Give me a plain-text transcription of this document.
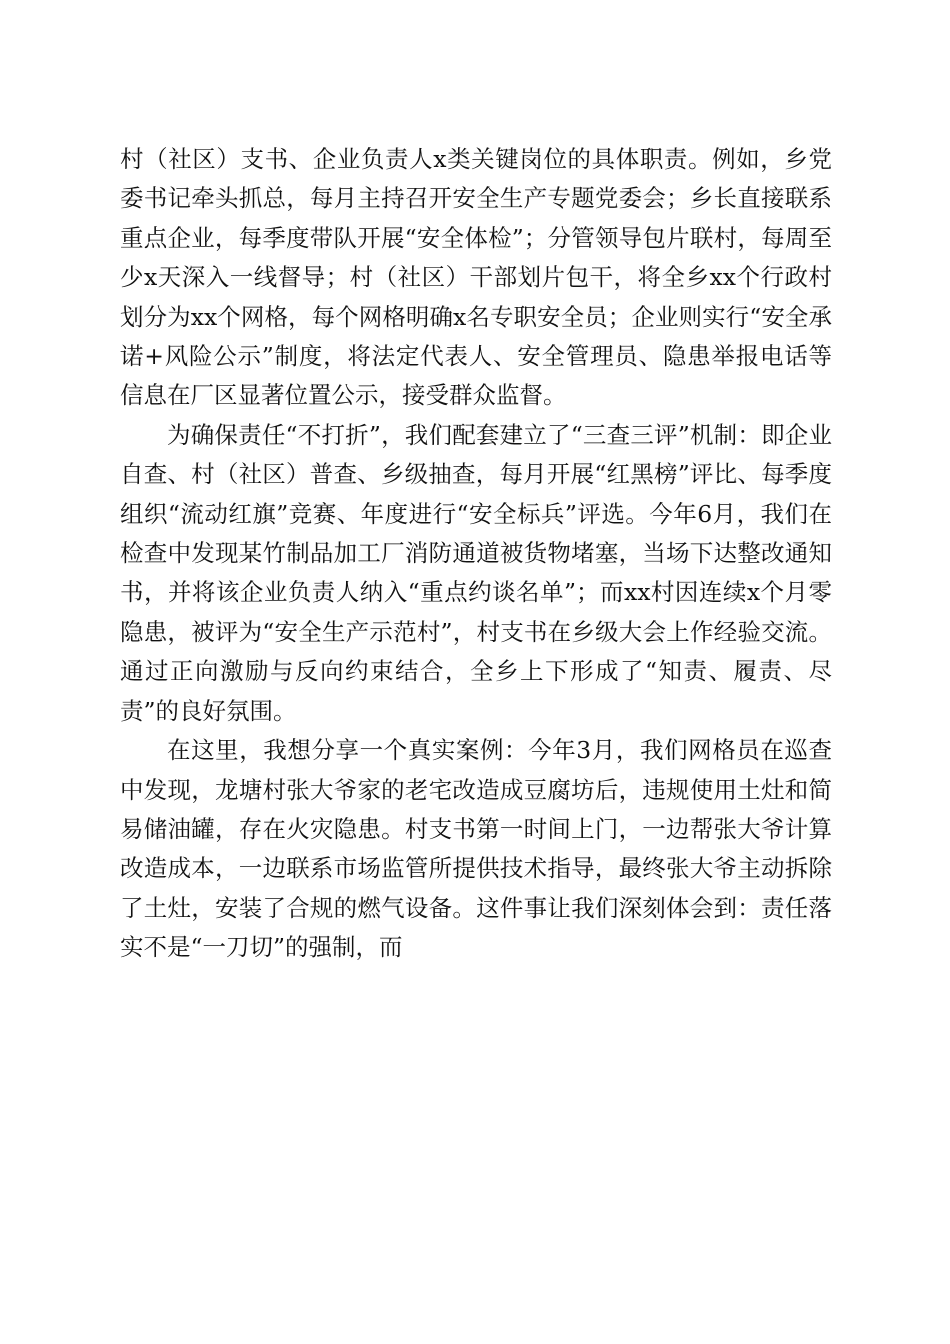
村（社区）支书、企业负责人x类关键岗位的具体职责。例如，乡党委书记牵头抓总，每月主持召开安全生产专题党委会；乡长直接联系重点企业，每季度带队开展“安全体检”；分管领导包片联村，每周至少x天深入一线督导；村（社区）干部划片包干，将全乡xx个行政村划分为xx个网格，每个网格明确x名专职安全员；企业则实行“安全承诺+风险公示”制度，将法定代表人、安全管理员、隐患举报电话等信息在厂区显著位置公示，接受群众监督。

为确保责任“不打折”，我们配套建立了“三查三评”机制：即企业自查、村（社区）普查、乡级抽查，每月开展“红黑榜”评比、每季度组织“流动红旗”竞赛、年度进行“安全标兵”评选。今年6月，我们在检查中发现某竹制品加工厂消防通道被货物堵塞，当场下达整改通知书，并将该企业负责人纳入“重点约谈名单”；而xx村因连续x个月零隐患，被评为“安全生产示范村”，村支书在乡级大会上作经验交流。通过正向激励与反向约束结合，全乡上下形成了“知责、履责、尽责”的良好氛围。

在这里，我想分享一个真实案例：今年3月，我们网格员在巡查中发现，龙塘村张大爷家的老宅改造成豆腐坊后，违规使用土灶和简易储油罐，存在火灾隐患。村支书第一时间上门，一边帮张大爷计算改造成本，一边联系市场监管所提供技术指导，最终张大爷主动拆除了土灶，安装了合规的燃气设备。这件事让我们深刻体会到：责任落实不是“一刀切”的强制，而
